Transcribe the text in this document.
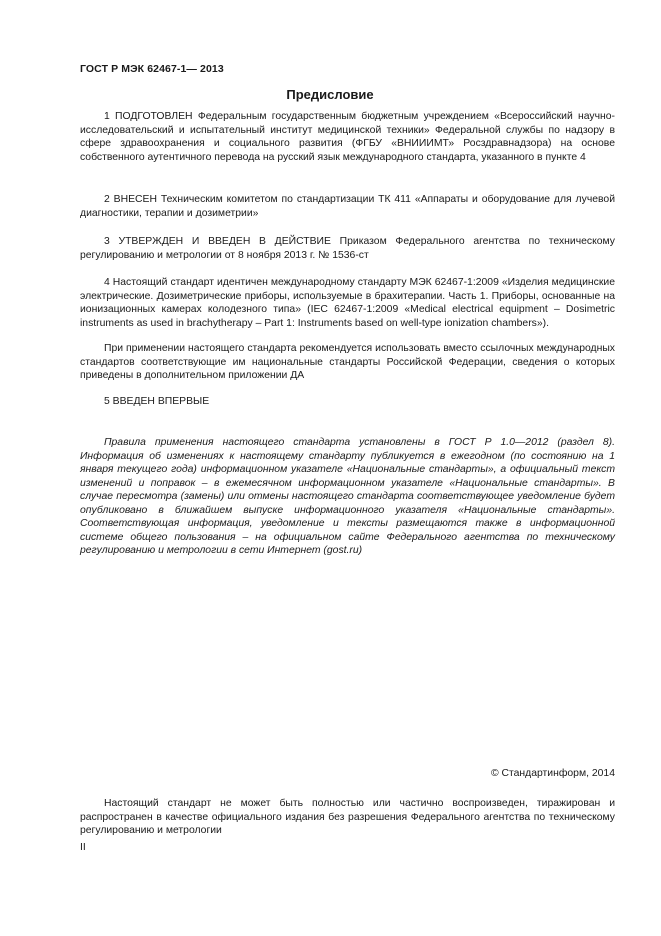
ГОСТ Р МЭК 62467-1— 2013
Предисловие

1 ПОДГОТОВЛЕН Федеральным государственным бюджетным учреждением «Всероссийский научно-исследовательский и испытательный институт медицинской техники» Федеральной службы по надзору в сфере здравоохранения и социального развития (ФГБУ «ВНИИИМТ» Росздравнадзора) на основе собственного аутентичного перевода на русский язык международного стандарта, указанного в пункте 4

2 ВНЕСЕН Техническим комитетом по стандартизации ТК 411 «Аппараты и оборудование для лучевой диагностики, терапии и дозиметрии»

3 УТВЕРЖДЕН И ВВЕДЕН В ДЕЙСТВИЕ Приказом Федерального агентства по техническому регулированию и метрологии от 8 ноября 2013 г. № 1536-ст

4 Настоящий стандарт идентичен международному стандарту МЭК 62467-1:2009 «Изделия медицинские электрические. Дозиметрические приборы, используемые в брахитерапии. Часть 1. Приборы, основанные на ионизационных камерах колодезного типа» (IEC 62467-1:2009 «Medical electrical equipment – Dosimetric instruments as used in brachytherapy – Part 1: Instruments based on well-type ionization chambers»).

При применении настоящего стандарта рекомендуется использовать вместо ссылочных международных стандартов соответствующие им национальные стандарты Российской Федерации, сведения о которых приведены в дополнительном приложении ДА

5 ВВЕДЕН ВПЕРВЫЕ

Правила применения настоящего стандарта установлены в ГОСТ Р 1.0—2012 (раздел 8). Информация об изменениях к настоящему стандарту публикуется в ежегодном (по состоянию на 1 января текущего года) информационном указателе «Национальные стандарты», а официальный текст изменений и поправок – в ежемесячном информационном указателе «Национальные стандарты». В случае пересмотра (замены) или отмены настоящего стандарта соответствующее уведомление будет опубликовано в ближайшем выпуске информационного указателя «Национальные стандарты». Соответствующая информация, уведомление и тексты размещаются также в информационной системе общего пользования – на официальном сайте Федерального агентства по техническому регулированию и метрологии в сети Интернет (gost.ru)

© Стандартинформ, 2014

Настоящий стандарт не может быть полностью или частично воспроизведен, тиражирован и распространен в качестве официального издания без разрешения Федерального агентства по техническому регулированию и метрологии

II
